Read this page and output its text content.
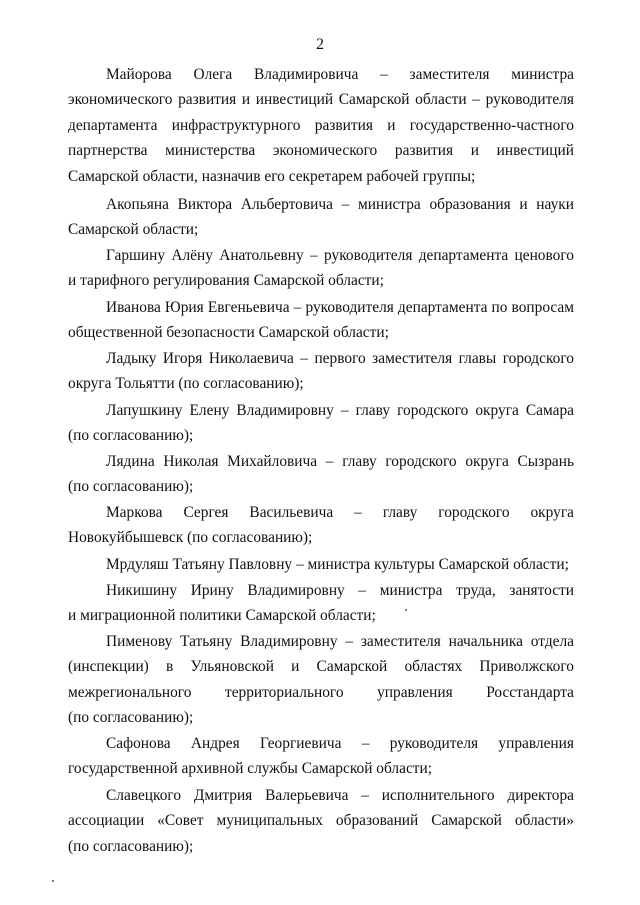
2
Майорова Олега Владимировича – заместителя министра
экономического развития и инвестиций Самарской области – руководителя
департамента инфраструктурного развития и государственно-частного
партнерства министерства экономического развития и инвестиций
Самарской области, назначив его секретарем рабочей группы;
Акопьяна Виктора Альбертовича – министра образования и науки
Самарской области;
Гаршину Алёну Анатольевну – руководителя департамента ценового
и тарифного регулирования Самарской области;
Иванова Юрия Евгеньевича – руководителя департамента по вопросам
общественной безопасности Самарской области;
Ладыку Игоря Николаевича – первого заместителя главы городского
округа Тольятти (по согласованию);
Лапушкину Елену Владимировну – главу городского округа Самара
(по согласованию);
Лядина Николая Михайловича – главу городского округа Сызрань
(по согласованию);
Маркова Сергея Васильевича – главу городского округа
Новокуйбышевск (по согласованию);
Мрдуляш Татьяну Павловну – министра культуры Самарской области;
Никишину Ирину Владимировну – министра труда, занятости
и миграционной политики Самарской области;
Пименову Татьяну Владимировну – заместителя начальника отдела
(инспекции) в Ульяновской и Самарской областях Приволжского
межрегионального территориального управления Росстандарта
(по согласованию);
Сафонова Андрея Георгиевича – руководителя управления
государственной архивной службы Самарской области;
Славецкого Дмитрия Валерьевича – исполнительного директора
ассоциации «Совет муниципальных образований Самарской области»
(по согласованию);
